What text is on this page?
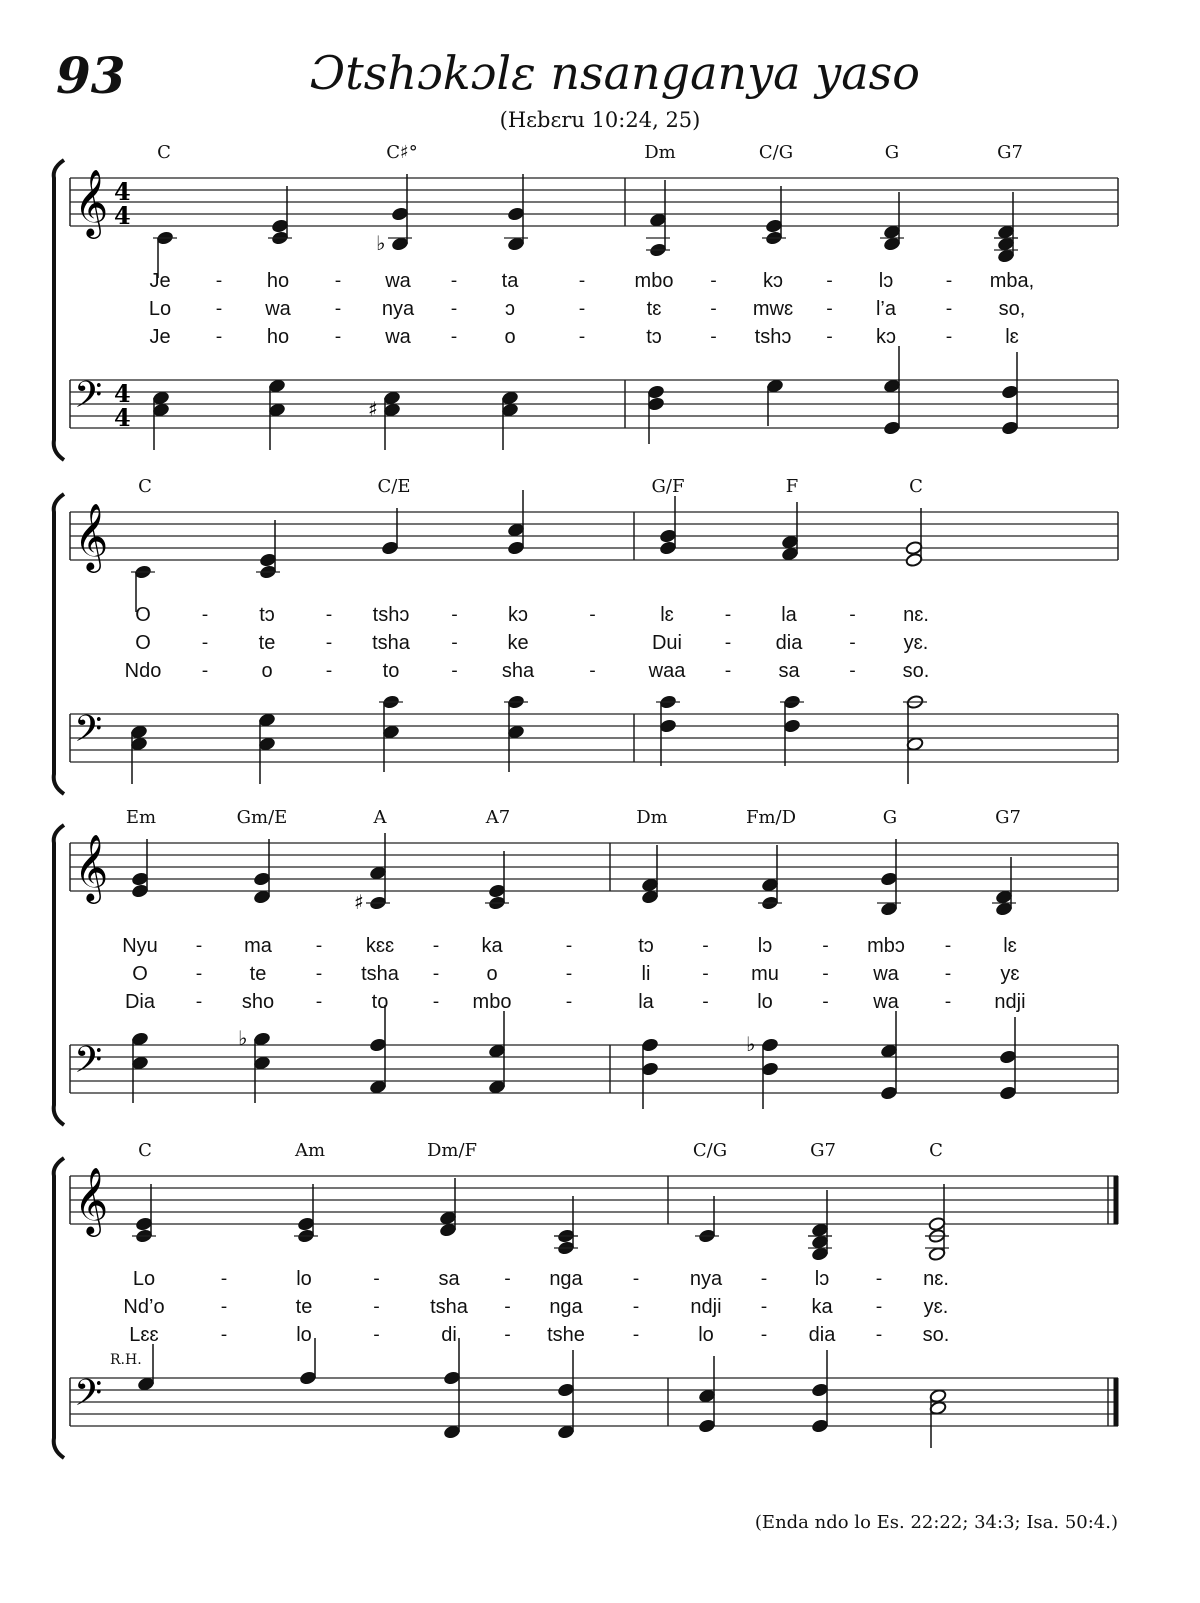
93	Ɔtshɔkɔlɛ nsanganya yaso
(Hɛbɛru 10:24, 25)
𝄞 4
4
𝄢 4
4
♭
♯
C	C♯°	Dm	C/G	G	G7
Je	- ho	- wa - ta	- mbo - kɔ - lɔ	- mba,
Lo - wa - nya - ɔ	-	tɛ	- mwɛ - l’a	- so,
Je	- ho	- wa - o	-	tɔ	- tshɔ - kɔ	-	lɛ
𝄞
𝄢
C	C/E	G/F	F	C
O	-	tɔ	- tshɔ -	kɔ	-	lɛ	- la	- nɛ.
O	-	te	- tsha - ke	Dui - dia	- yɛ.
Ndo -	o	-	to	- sha	-	waa - sa	- so.
𝄞
𝄢
♯
♭	♭
Em	Gm/E	A	A7	Dm	Fm/D	G	G7
Nyu - ma - kɛɛ - ka	-	tɔ	- lɔ	- mbɔ -	lɛ
O	- te	- tsha - o	-	li	- mu - wa	- yɛ
Dia - sho - to - mbo	-	la	- lo	- wa	- ndji
𝄞
𝄢
C	Am	Dm/F	C/G	G7	C
Lo	-	lo	-	sa - nga	-	nya - lɔ	- nɛ.
Nd’o	-	te	-	tsha - nga	-	ndji - ka - yɛ.
Lɛɛ	-	lo	-	di	- tshe	-	lo	- dia - so.
R.H.
(Enda ndo lo Es. 22:22; 34:3; Isa. 50:4.)
